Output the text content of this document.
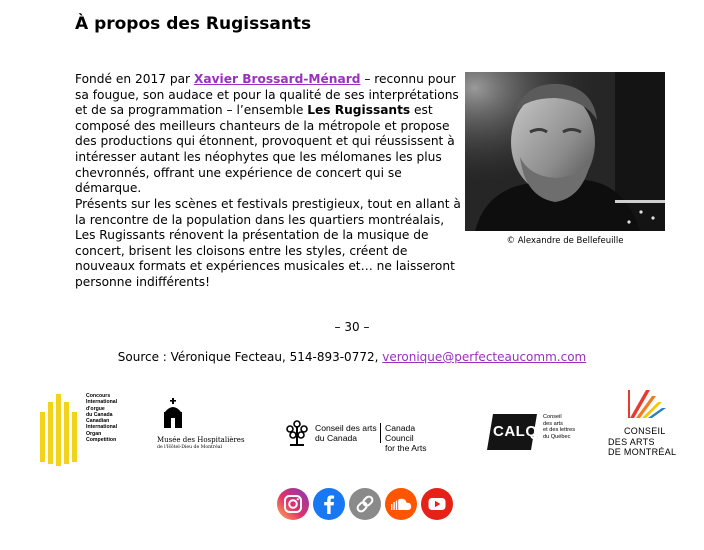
À propos des Rugissants

Fondé en 2017 par Xavier Brossard-Ménard – reconnu pour sa fougue, son audace et pour la qualité de ses interprétations et de sa programmation – l’ensemble Les Rugissants est composé des meilleurs chanteurs de la métropole et propose des productions qui étonnent, provoquent et qui réussissent à intéresser autant les néophytes que les mélomanes les plus chevronnés, offrant une expérience de concert qui se démarque.

Présents sur les scènes et festivals prestigieux, tout en allant à la rencontre de la population dans les quartiers montréalais, Les Rugissants rénovent la présentation de la musique de concert, brisent les cloisons entre les styles, créent de nouveaux formats et expériences musicales et… ne laisseront personne indifférents!

© Alexandre de Bellefeuille
– 30 –
Source : Véronique Fecteau, 514-893-0772, veronique@perfecteaucomm.com
Concours
International
d'orgue
du Canada
Canadian
International
Organ
Competition	Musée des Hospitalières
de l'Hôtel-Dieu de Montréal
Conseil des arts
du Canada
Canada Council
for the Arts
CALQ
Conseil
des arts
et des lettres
du Québec
CONSEIL
DES ARTS
DE MONTRÉAL
